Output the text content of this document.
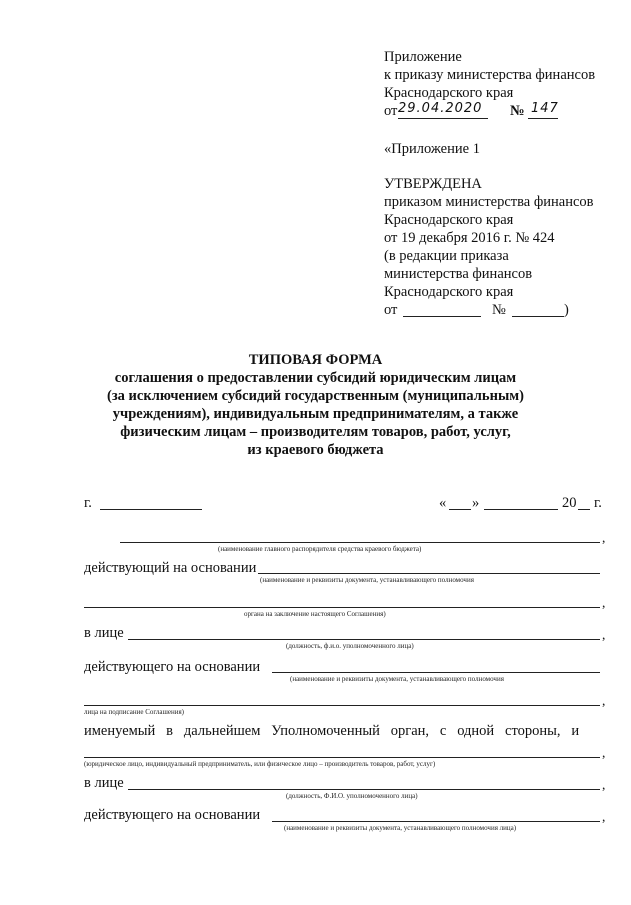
Приложение
к приказу министерства финансов
Краснодарского края
от 29.04.2020 № 147
«Приложение 1
УТВЕРЖДЕНА
приказом министерства финансов
Краснодарского края
от 19 декабря 2016 г. № 424
(в редакции приказа
министерства финансов
Краснодарского края
от	№	)
ТИПОВАЯ ФОРМА
соглашения о предоставлении субсидий юридическим лицам
(за исключением субсидий государственным (муниципальным)
учреждениям), индивидуальным предпринимателям, а также
физическим лицам – производителям товаров, работ, услуг,
из краевого бюджета
г.	« »	20 г.
,
(наименование главного распорядителя средства краевого бюджета)
действующий на основании
(наименование и реквизиты документа, устанавливающего полномочия
,
органа на заключение настоящего Соглашения)
в лице	,
(должность, ф.и.о. уполномоченного лица)
действующего на основании
(наименование и реквизиты документа, устанавливающего полномочия
,
лица на подписание Соглашения)
именуемый   в   дальнейшем   Уполномоченный   орган,   с   одной   стороны,   и
,
(юридическое лицо, индивидуальный предприниматель, или физическое лицо – производитель товаров, работ, услуг)
в лице	,
(должность, Ф.И.О. уполномоченного лица)
действующего на основании	,
(наименование и реквизиты документа, устанавливающего полномочия лица)
